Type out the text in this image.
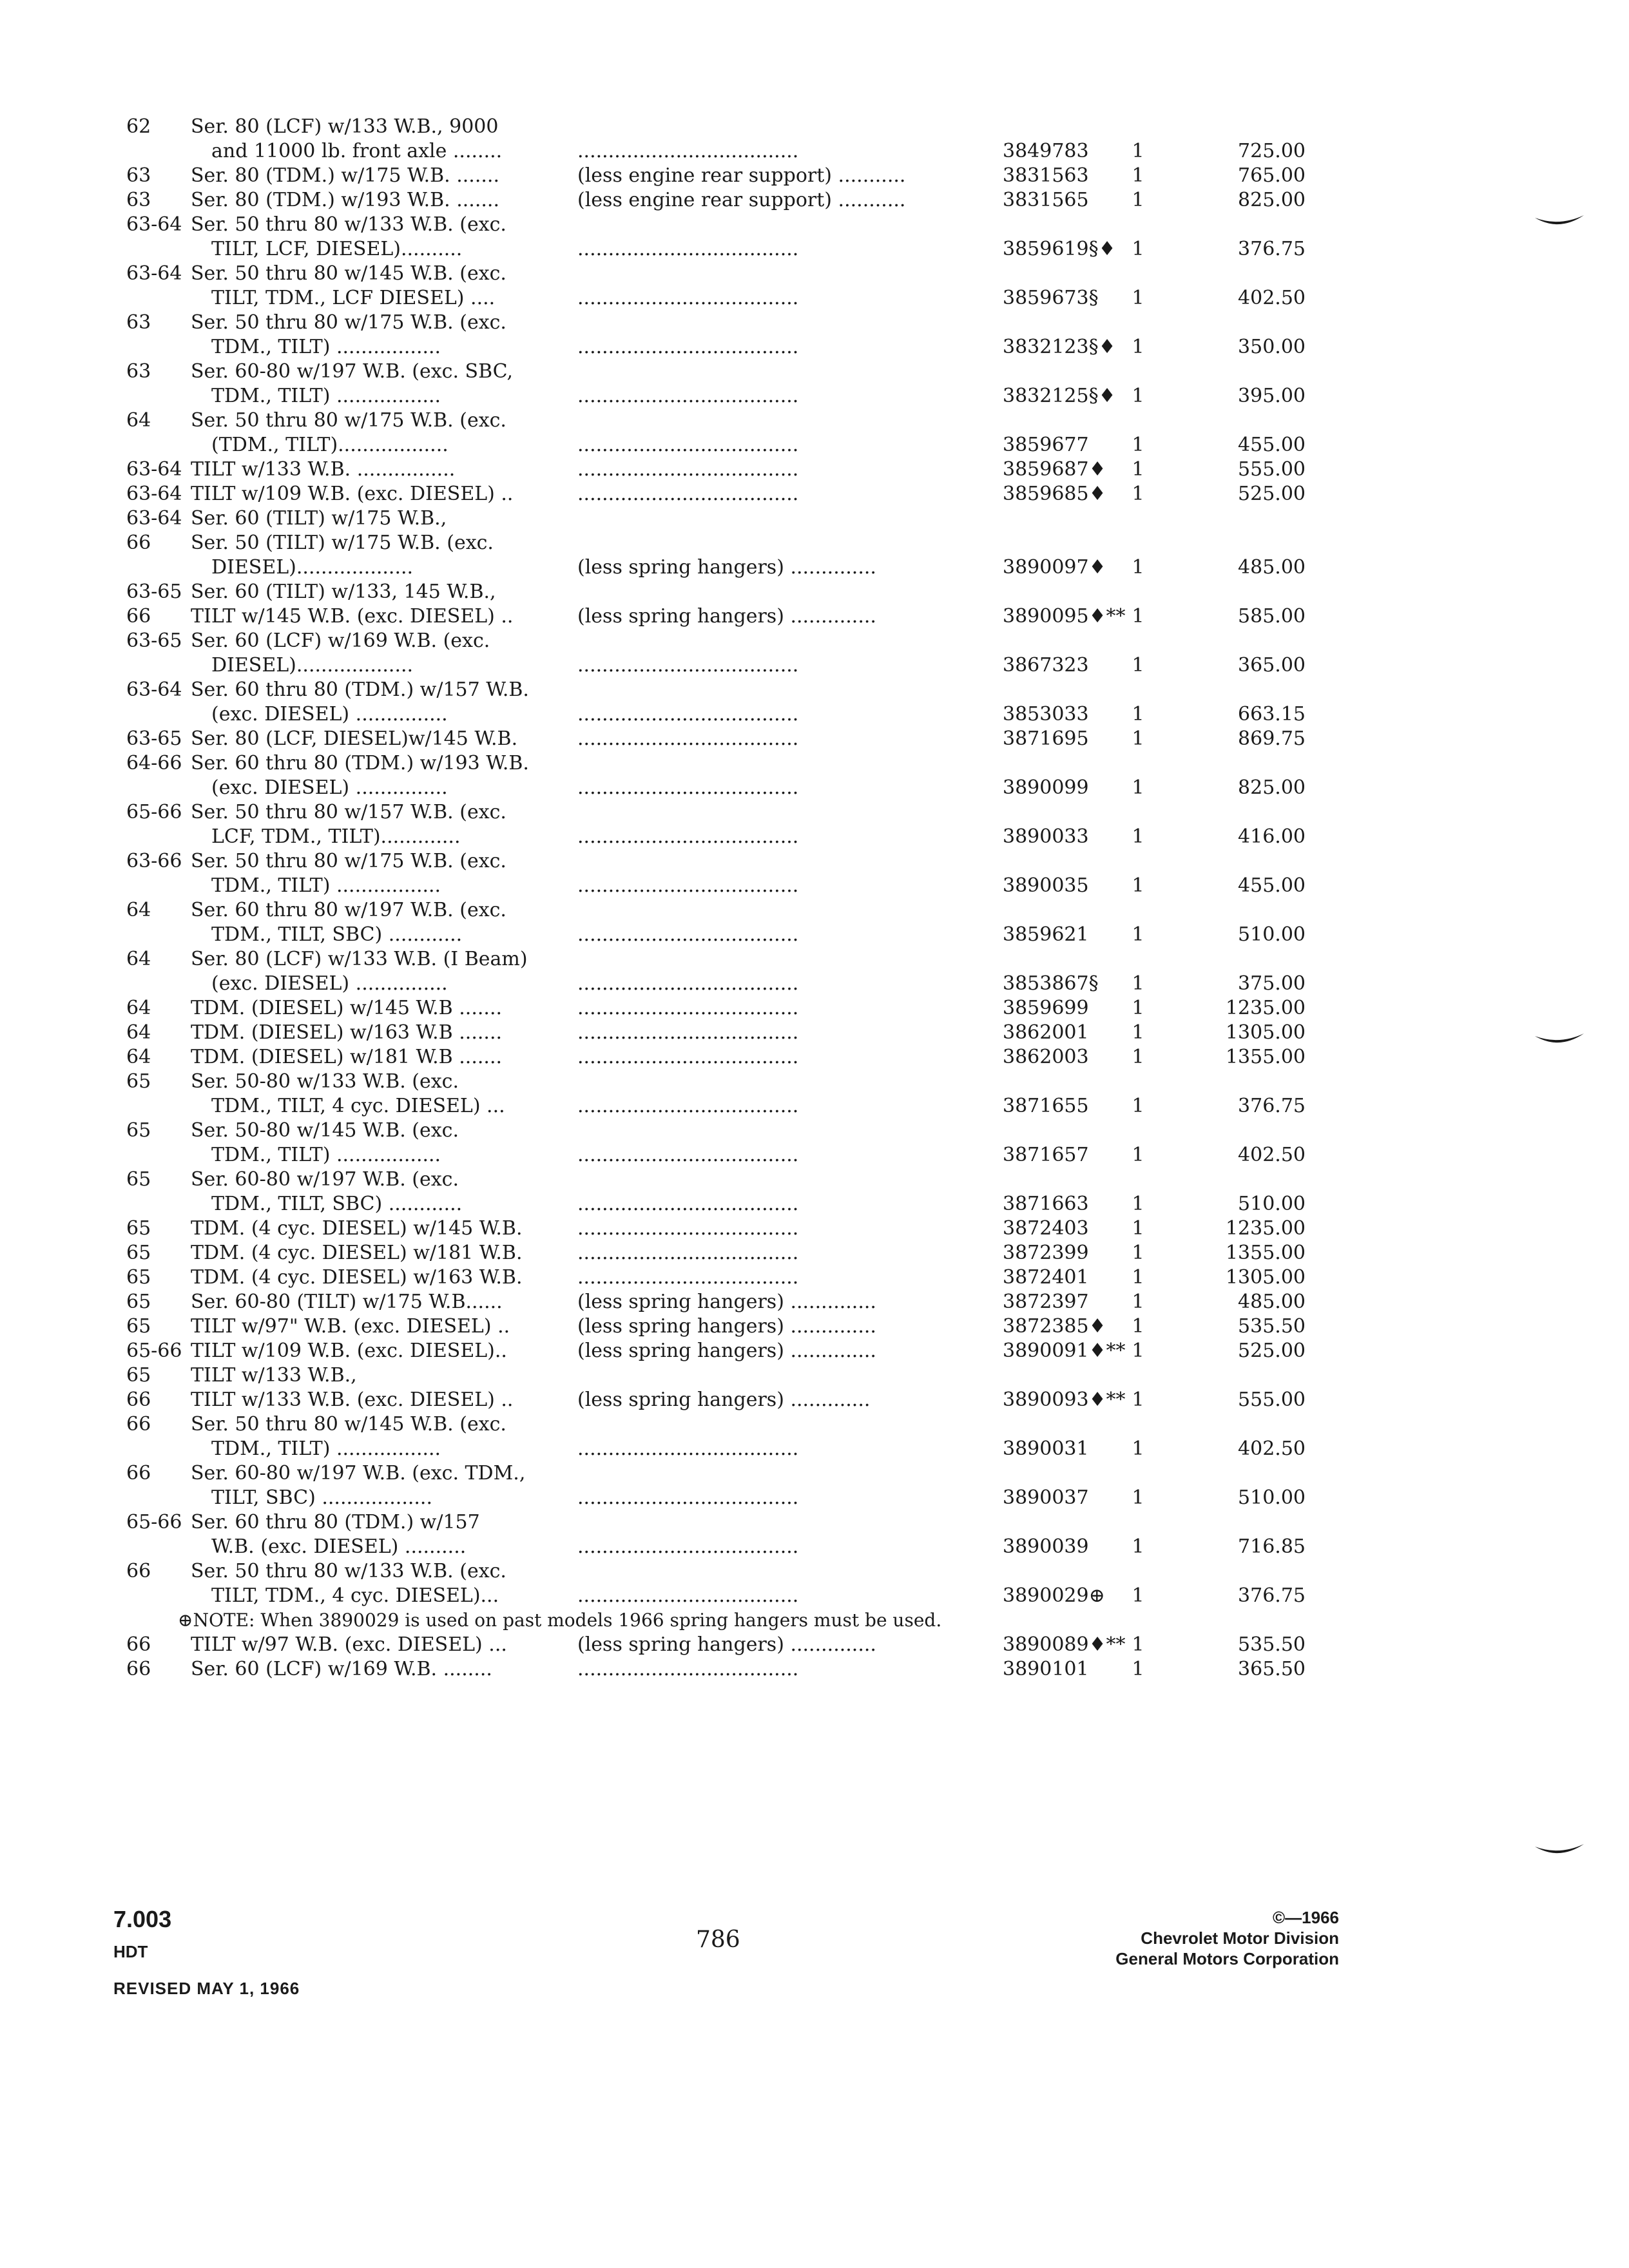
62	Ser. 80 (LCF) w/133 W.B., 9000
and 11000 lb. front axle ........	....................................	3849783	1	725.00
63	Ser. 80 (TDM.) w/175 W.B. .......	(less engine rear support) ...........	3831563	1	765.00
63	Ser. 80 (TDM.) w/193 W.B. .......	(less engine rear support) ...........	3831565	1	825.00
63-64 Ser. 50 thru 80 w/133 W.B. (exc.
TILT, LCF, DIESEL)..........	....................................	3859619§♦ 1	376.75
63-64 Ser. 50 thru 80 w/145 W.B. (exc.
TILT, TDM., LCF DIESEL) ....	....................................	3859673§	1	402.50
63	Ser. 50 thru 80 w/175 W.B. (exc.
TDM., TILT) .................	....................................	3832123§♦ 1	350.00
63	Ser. 60-80 w/197 W.B. (exc. SBC,
TDM., TILT) .................	....................................	3832125§♦ 1	395.00
64	Ser. 50 thru 80 w/175 W.B. (exc.
(TDM., TILT)..................	....................................	3859677	1	455.00
63-64 TILT w/133 W.B. ................	....................................	3859687♦	1	555.00
63-64 TILT w/109 W.B. (exc. DIESEL) ..	....................................	3859685♦	1	525.00
63-64 Ser. 60 (TILT) w/175 W.B.,
66	Ser. 50 (TILT) w/175 W.B. (exc.
DIESEL)...................	(less spring hangers) ..............	3890097♦	1	485.00
63-65 Ser. 60 (TILT) w/133, 145 W.B.,
66	TILT w/145 W.B. (exc. DIESEL) ..	(less spring hangers) ..............	3890095♦** 1	585.00
63-65 Ser. 60 (LCF) w/169 W.B. (exc.
DIESEL)...................	....................................	3867323	1	365.00
63-64 Ser. 60 thru 80 (TDM.) w/157 W.B.
(exc. DIESEL) ...............	....................................	3853033	1	663.15
63-65 Ser. 80 (LCF, DIESEL)w/145 W.B.	....................................	3871695	1	869.75
64-66 Ser. 60 thru 80 (TDM.) w/193 W.B.
(exc. DIESEL) ...............	....................................	3890099	1	825.00
65-66 Ser. 50 thru 80 w/157 W.B. (exc.
LCF, TDM., TILT).............	....................................	3890033	1	416.00
63-66 Ser. 50 thru 80 w/175 W.B. (exc.
TDM., TILT) .................	....................................	3890035	1	455.00
64	Ser. 60 thru 80 w/197 W.B. (exc.
TDM., TILT, SBC) ............	....................................	3859621	1	510.00
64	Ser. 80 (LCF) w/133 W.B. (I Beam)
(exc. DIESEL) ...............	....................................	3853867§	1	375.00
64	TDM. (DIESEL) w/145 W.B .......	....................................	3859699	1	1235.00
64	TDM. (DIESEL) w/163 W.B .......	....................................	3862001	1	1305.00
64	TDM. (DIESEL) w/181 W.B .......	....................................	3862003	1	1355.00
65	Ser. 50-80 w/133 W.B. (exc.
TDM., TILT, 4 cyc. DIESEL) ...	....................................	3871655	1	376.75
65	Ser. 50-80 w/145 W.B. (exc.
TDM., TILT) .................	....................................	3871657	1	402.50
65	Ser. 60-80 w/197 W.B. (exc.
TDM., TILT, SBC) ............	....................................	3871663	1	510.00
65	TDM. (4 cyc. DIESEL) w/145 W.B.	....................................	3872403	1	1235.00
65	TDM. (4 cyc. DIESEL) w/181 W.B.	....................................	3872399	1	1355.00
65	TDM. (4 cyc. DIESEL) w/163 W.B.	....................................	3872401	1	1305.00
65	Ser. 60-80 (TILT) w/175 W.B......	(less spring hangers) ..............	3872397	1	485.00
65	TILT w/97" W.B. (exc. DIESEL) ..	(less spring hangers) ..............	3872385♦	1	535.50
65-66 TILT w/109 W.B. (exc. DIESEL)..	(less spring hangers) ..............	3890091♦** 1	525.00
65	TILT w/133 W.B.,
66	TILT w/133 W.B. (exc. DIESEL) ..	(less spring hangers) .............	3890093♦** 1	555.00
66	Ser. 50 thru 80 w/145 W.B. (exc.
TDM., TILT) .................	....................................	3890031	1	402.50
66	Ser. 60-80 w/197 W.B. (exc. TDM.,
TILT, SBC) ..................	....................................	3890037	1	510.00
65-66 Ser. 60 thru 80 (TDM.) w/157
W.B. (exc. DIESEL) ..........	....................................	3890039	1	716.85
66	Ser. 50 thru 80 w/133 W.B. (exc.
TILT, TDM., 4 cyc. DIESEL)...	....................................	3890029⊕	1	376.75
⊕NOTE: When 3890029 is used on past models 1966 spring hangers must be used.
66	TILT w/97 W.B. (exc. DIESEL) ...	(less spring hangers) ..............	3890089♦** 1	535.50
66	Ser. 60 (LCF) w/169 W.B. ........	....................................	3890101	1	365.50
7.003
HDT
REVISED MAY 1, 1966
786
©—1966
Chevrolet Motor Division
General Motors Corporation
